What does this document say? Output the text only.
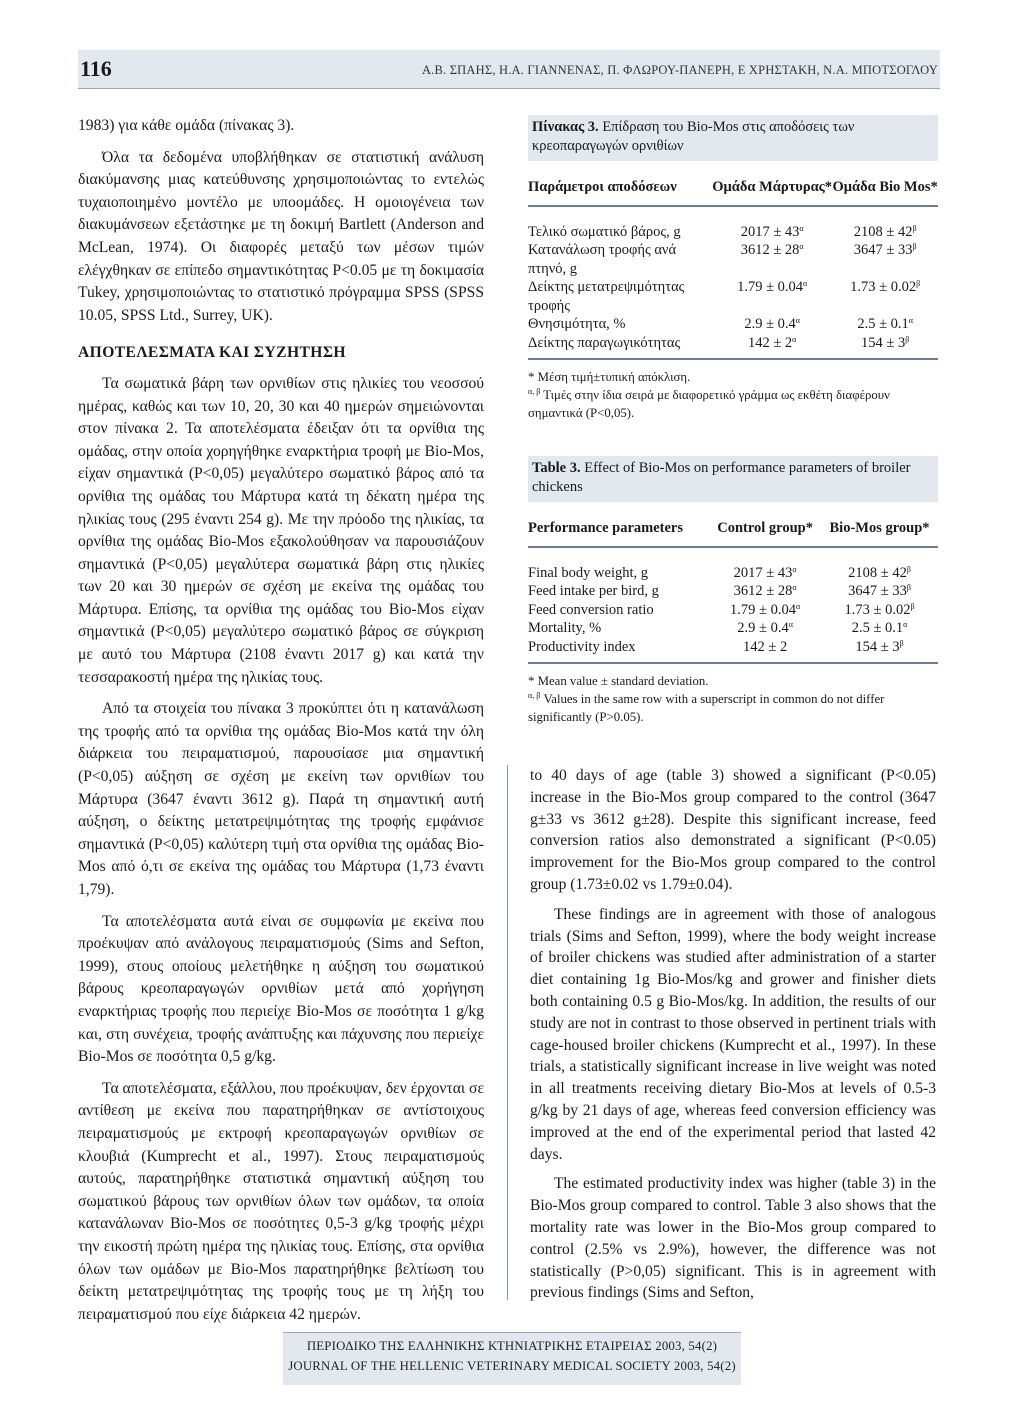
116	Α.Β. ΣΠΑΗΣ, Η.Α. ΓΙΑΝΝΕΝΑΣ, Π. ΦΛΩΡΟΥ-ΠΑΝΕΡΗ, Ε ΧΡΗΣΤΑΚΗ, Ν.Α. ΜΠΟΤΣΟΓΛΟΥ

1983) για κάθε ομάδα (πίνακας 3).

Όλα τα δεδομένα υποβλήθηκαν σε στατιστική ανάλυση διακύμανσης μιας κατεύθυνσης χρησιμοποιώντας το εντελώς τυχαιοποιημένο μοντέλο με υποομάδες. Η ομοιογένεια των διακυμάνσεων εξετάστηκε με τη δοκιμή Bartlett (Anderson and McLean, 1974). Οι διαφορές μεταξύ των μέσων τιμών ελέγχθηκαν σε επίπεδο σημαντικότητας P<0.05 με τη δοκιμασία Tukey, χρησιμοποιώντας το στατιστικό πρόγραμμα SPSS (SPSS 10.05, SPSS Ltd., Surrey, UK).

ΑΠΟΤΕΛΕΣΜΑΤΑ ΚΑΙ ΣΥΖΗΤΗΣΗ

Τα σωματικά βάρη των ορνιθίων στις ηλικίες του νεοσσού ημέρας, καθώς και των 10, 20, 30 και 40 ημερών σημειώνονται στον πίνακα 2. Τα αποτελέσματα έδειξαν ότι τα ορνίθια της ομάδας, στην οποία χορηγήθηκε εναρκτήρια τροφή με Bio-Mos, είχαν σημαντικά (P<0,05) μεγαλύτερο σωματικό βάρος από τα ορνίθια της ομάδας του Μάρτυρα κατά τη δέκατη ημέρα της ηλικίας τους (295 έναντι 254 g). Με την πρόοδο της ηλικίας, τα ορνίθια της ομάδας Bio-Mos εξακολούθησαν να παρουσιάζουν σημαντικά (P<0,05) μεγαλύτερα σωματικά βάρη στις ηλικίες των 20 και 30 ημερών σε σχέση με εκείνα της ομάδας του Μάρτυρα. Επίσης, τα ορνίθια της ομάδας του Bio-Mos είχαν σημαντικά (P<0,05) μεγαλύτερο σωματικό βάρος σε σύγκριση με αυτό του Μάρτυρα (2108 έναντι 2017 g) και κατά την τεσσαρακοστή ημέρα της ηλικίας τους.

Από τα στοιχεία του πίνακα 3 προκύπτει ότι η κατανάλωση της τροφής από τα ορνίθια της ομάδας Bio-Mos κατά την όλη διάρκεια του πειραματισμού, παρουσίασε μια σημαντική (P<0,05) αύξηση σε σχέση με εκείνη των ορνιθίων του Μάρτυρα (3647 έναντι 3612 g). Παρά τη σημαντική αυτή αύξηση, ο δείκτης μετατρεψιμότητας της τροφής εμφάνισε σημαντικά (P<0,05) καλύτερη τιμή στα ορνίθια της ομάδας Bio-Mos από ό,τι σε εκείνα της ομάδας του Μάρτυρα (1,73 έναντι 1,79).

Τα αποτελέσματα αυτά είναι σε συμφωνία με εκείνα που προέκυψαν από ανάλογους πειραματισμούς (Sims and Sefton, 1999), στους οποίους μελετήθηκε η αύξηση του σωματικού βάρους κρεοπαραγωγών ορνιθίων μετά από χορήγηση εναρκτήριας τροφής που περιείχε Bio-Mos σε ποσότητα 1 g/kg και, στη συνέχεια, τροφής ανάπτυξης και πάχυνσης που περιείχε Bio-Mos σε ποσότητα 0,5 g/kg.

Τα αποτελέσματα, εξάλλου, που προέκυψαν, δεν έρχονται σε αντίθεση με εκείνα που παρατηρήθηκαν σε αντίστοιχους πειραματισμούς με εκτροφή κρεοπαραγωγών ορνιθίων σε κλουβιά (Kumprecht et al., 1997). Στους πειραματισμούς αυτούς, παρατηρήθηκε στατιστικά σημαντική αύξηση του σωματικού βάρους των ορνιθίων όλων των ομάδων, τα οποία κατανάλωναν Bio-Mos σε ποσότητες 0,5-3 g/kg τροφής μέχρι την εικοστή πρώτη ημέρα της ηλικίας τους. Επίσης, στα ορνίθια όλων των ομάδων με Bio-Mos παρατηρήθηκε βελτίωση του δείκτη μετατρεψιμότητας της τροφής τους με τη λήξη του πειραματισμού που είχε διάρκεια 42 ημερών.

Πίνακας 3. Επίδραση του Bio-Mos στις αποδόσεις των κρεοπαραγωγών ορνιθίων
Παράμετροι αποδόσεων	Ομάδα Μάρτυρας*	Ομάδα Bio Mos*
Τελικό σωματικό βάρος, g	$2017 \pm 43^\alpha$	$2108 \pm 42^\beta$
Κατανάλωση τροφής ανά πτηνό, g	$3612 \pm 28^\alpha$	$3647 \pm 33^\beta$
Δείκτης μετατρεψιμότητας τροφής	$1.79 \pm 0.04^\alpha$	$1.73 \pm 0.02^\beta$
Θνησιμότητα, %	$2.9 \pm 0.4^\alpha$	$2.5 \pm 0.1^\alpha$
Δείκτης παραγωγικότητας	$142 \pm 2^\alpha$	$154 \pm 3^\beta$
* Μέση τιμή±τυπική απόκλιση.
$^{\alpha, \beta}$ Τιμές στην ίδια σειρά με διαφορετικό γράμμα ως εκθέτη διαφέρουν σημαντικά (P<0,05).
Table 3. Effect of Bio-Mos on performance parameters of broiler chickens
Performance parameters	Control group*	Bio-Mos group*
Final body weight, g	$2017 \pm 43^\alpha$	$2108 \pm 42^\beta$
Feed intake per bird, g	$3612 \pm 28^\alpha$	$3647 \pm 33^\beta$
Feed conversion ratio	$1.79 \pm 0.04^\alpha$	$1.73 \pm 0.02^\beta$
Mortality, %	$2.9 \pm 0.4^\alpha$	$2.5 \pm 0.1^\alpha$
Productivity index	142 ± 2	$154 \pm 3^\beta$
* Mean value ± standard deviation.
$^{\alpha, \beta}$ Values in the same row with a superscript in common do not differ significantly (P>0.05).

to 40 days of age (table 3) showed a significant (P<0.05) increase in the Bio-Mos group compared to the control (3647 g±33 vs 3612 g±28). Despite this significant increase, feed conversion ratios also demonstrated a significant (P<0.05) improvement for the Bio-Mos group compared to the control group (1.73±0.02 vs 1.79±0.04).

These findings are in agreement with those of analogous trials (Sims and Sefton, 1999), where the body weight increase of broiler chickens was studied after administration of a starter diet containing 1g Bio-Mos/kg and grower and finisher diets both containing 0.5 g Bio-Mos/kg. In addition, the results of our study are not in contrast to those observed in pertinent trials with cage-housed broiler chickens (Kumprecht et al., 1997). In these trials, a statistically significant increase in live weight was noted in all treatments receiving dietary Bio-Mos at levels of 0.5-3 g/kg by 21 days of age, whereas feed conversion efficiency was improved at the end of the experimental period that lasted 42 days.

The estimated productivity index was higher (table 3) in the Bio-Mos group compared to control. Table 3 also shows that the mortality rate was lower in the Bio-Mos group compared to control (2.5% vs 2.9%), however, the difference was not statistically (P>0,05) significant. This is in agreement with previous findings (Sims and Sefton,

ΠΕΡΙΟΔΙΚΟ ΤΗΣ ΕΛΛΗΝΙΚΗΣ ΚΤΗΝΙΑΤΡΙΚΗΣ ΕΤΑΙΡΕΙΑΣ 2003, 54(2)
JOURNAL OF THE HELLENIC VETERINARY MEDICAL SOCIETY 2003, 54(2)
